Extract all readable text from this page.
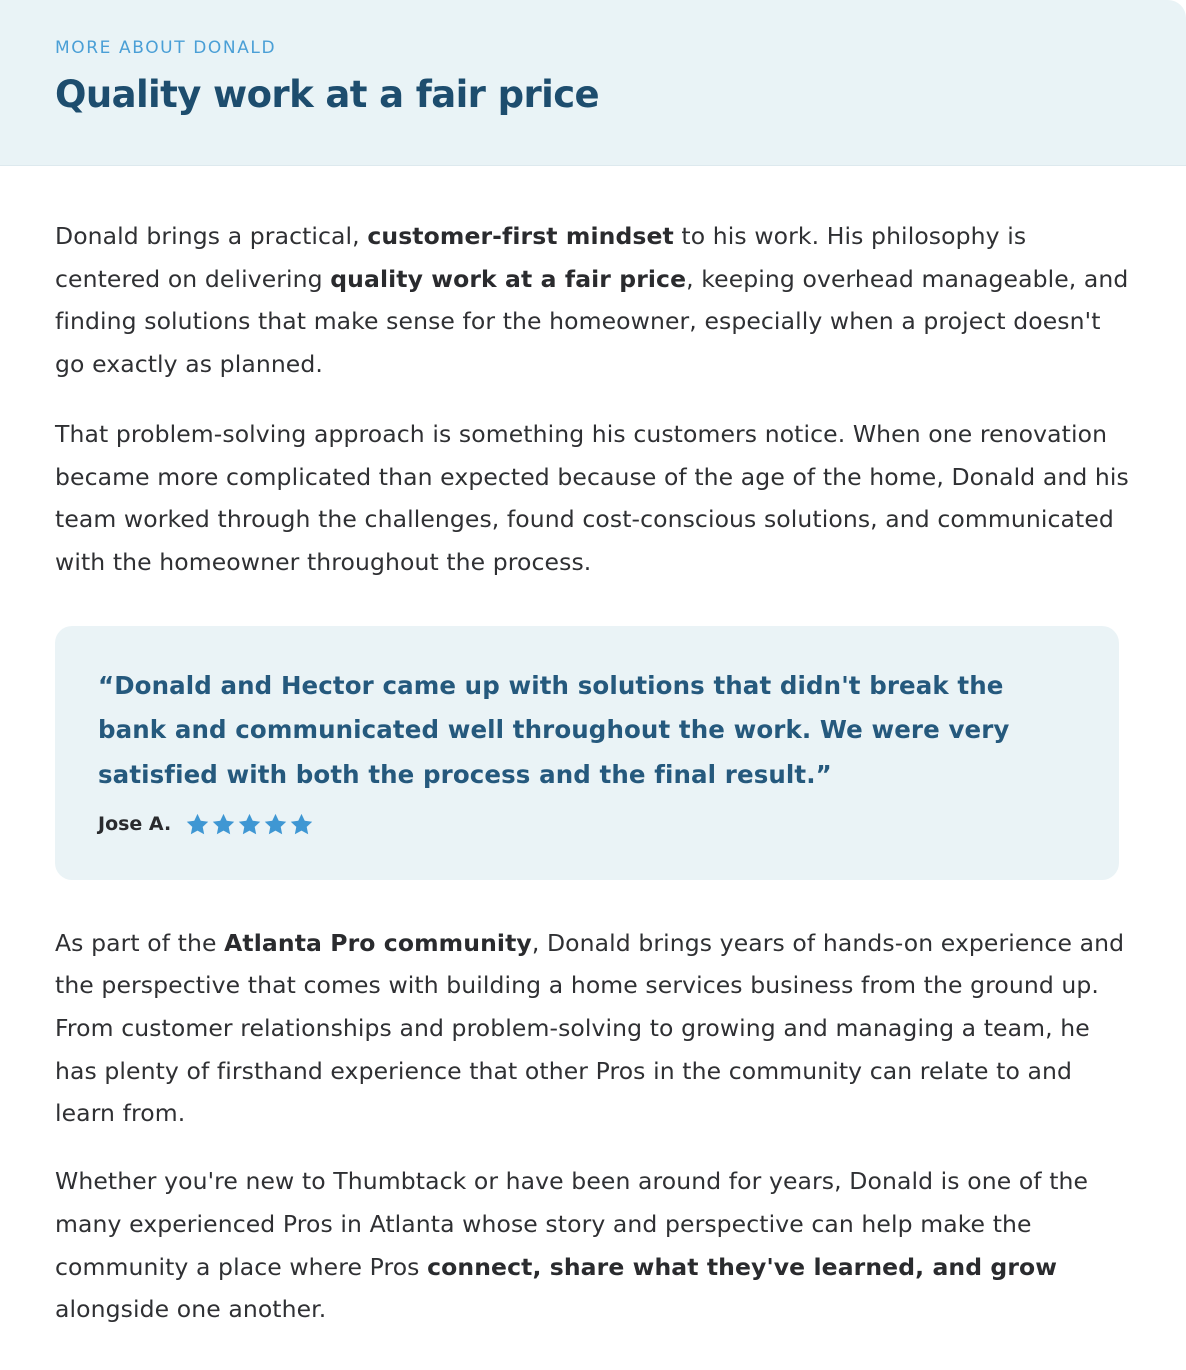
MORE ABOUT DONALD

Quality work at a fair price

Donald brings a practical, customer-first mindset to his work. His philosophy is centered on delivering quality work at a fair price, keeping overhead manageable, and finding solutions that make sense for the homeowner, especially when a project doesn't go exactly as planned.

That problem-solving approach is something his customers notice. When one renovation became more complicated than expected because of the age of the home, Donald and his team worked through the challenges, found cost-conscious solutions, and communicated with the homeowner throughout the process.

“Donald and Hector came up with solutions that didn't break the bank and communicated well throughout the work. We were very satisfied with both the process and the final result.”

Jose A.

As part of the Atlanta Pro community, Donald brings years of hands-on experience and the perspective that comes with building a home services business from the ground up. From customer relationships and problem-solving to growing and managing a team, he has plenty of firsthand experience that other Pros in the community can relate to and learn from.

Whether you're new to Thumbtack or have been around for years, Donald is one of the many experienced Pros in Atlanta whose story and perspective can help make the community a place where Pros connect, share what they've learned, and grow alongside one another.
